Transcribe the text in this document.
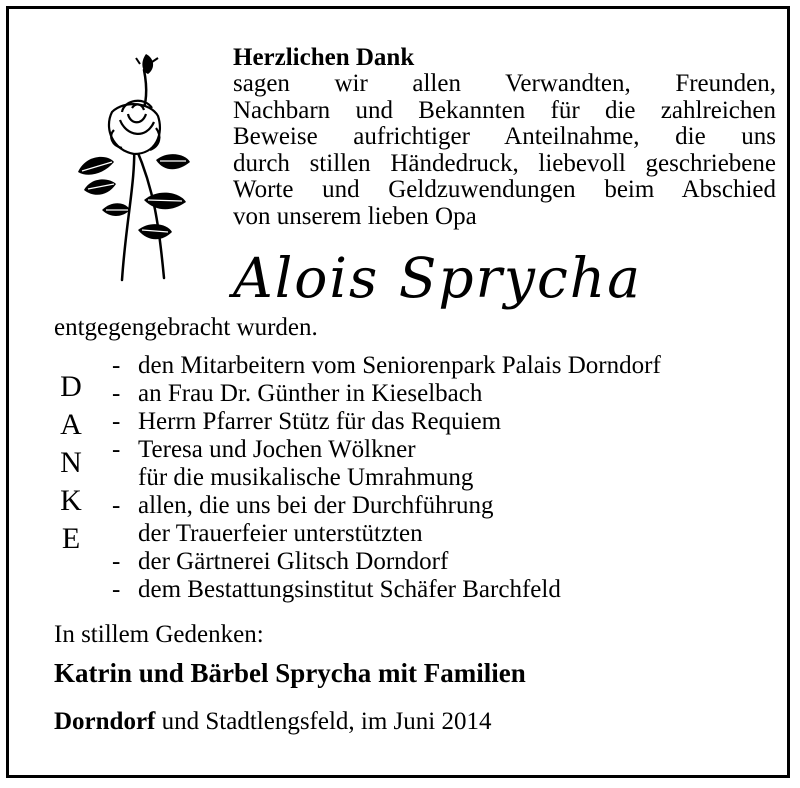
Herzlichen Dank
sagen wir allen Verwandten, Freunden,
Nachbarn und Bekannten für die zahlreichen
Beweise aufrichtiger Anteilnahme, die uns
durch stillen Händedruck, liebevoll geschriebene
Worte und Geldzuwendungen beim Abschied
von unserem lieben Opa
Alois Sprycha
entgegengebracht wurden.
D
A
N
K
E
- den Mitarbeitern vom Seniorenpark Palais Dorndorf
- an Frau Dr. Günther in Kieselbach
- Herrn Pfarrer Stütz für das Requiem
- Teresa und Jochen Wölkner
für die musikalische Umrahmung
- allen, die uns bei der Durchführung
der Trauerfeier unterstützten
- der Gärtnerei Glitsch Dorndorf
- dem Bestattungsinstitut Schäfer Barchfeld
In stillem Gedenken:
Katrin und Bärbel Sprycha mit Familien
Dorndorf und Stadtlengsfeld, im Juni 2014
